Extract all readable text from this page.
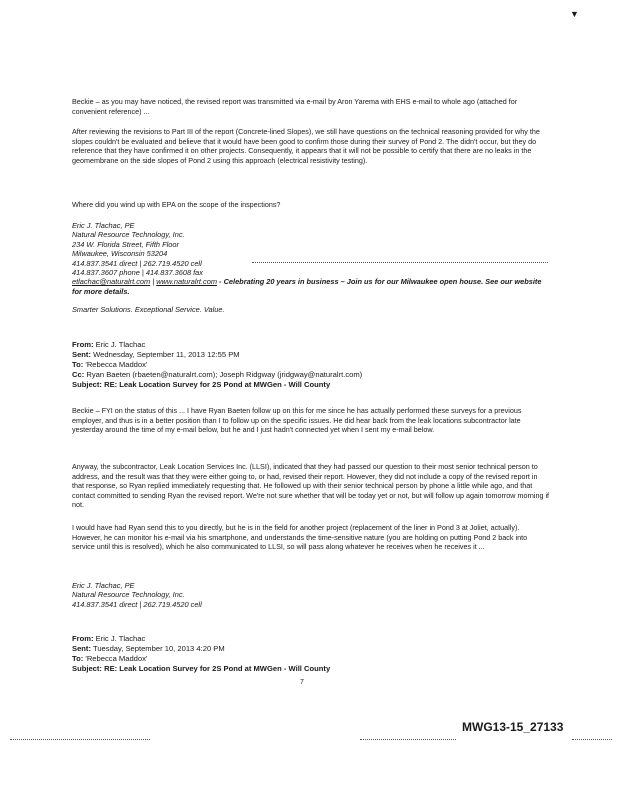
▼

Beckie – as you may have noticed, the revised report was transmitted via e-mail by Aron Yarema with EHS e-mail to whole ago (attached for convenient reference) ...

After reviewing the revisions to Part III of the report (Concrete-lined Slopes), we still have questions on the technical reasoning provided for why the slopes couldn't be evaluated and believe that it would have been good to confirm those during their survey of Pond 2. The didn't occur, but they do reference that they have confirmed it on other projects. Consequently, it appears that it will not be possible to certify that there are no leaks in the geomembrane on the side slopes of Pond 2 using this approach (electrical resistivity testing).

Where did you wind up with EPA on the scope of the inspections?

Eric J. Tlachac, PE
Natural Resource Technology, Inc.
234 W. Florida Street, Fifth Floor
Milwaukee, Wisconsin 53204
414.837.3541 direct | 262.719.4520 cell
414.837.3607 phone | 414.837.3608 fax
etlachac@naturalrt.com | www.naturalrt.com - Celebrating 20 years in business – Join us for our Milwaukee open house. See our website for more details.
Smarter Solutions. Exceptional Service. Value.
From: Eric J. Tlachac
Sent: Wednesday, September 11, 2013 12:55 PM
To: 'Rebecca Maddox'
Cc: Ryan Baeten (rbaeten@naturalrt.com); Joseph Ridgway (jridgway@naturalrt.com)
Subject: RE: Leak Location Survey for 2S Pond at MWGen - Will County

Beckie – FYI on the status of this ... I have Ryan Baeten follow up on this for me since he has actually performed these surveys for a previous employer, and thus is in a better position than I to follow up on the specific issues. He did hear back from the leak locations subcontractor late yesterday around the time of my e-mail below, but he and I just hadn't connected yet when I sent my e-mail below.

Anyway, the subcontractor, Leak Location Services Inc. (LLSI), indicated that they had passed our question to their most senior technical person to address, and the result was that they were either going to, or had, revised their report. However, they did not include a copy of the revised report in that response, so Ryan replied immediately requesting that. He followed up with their senior technical person by phone a little while ago, and that contact committed to sending Ryan the revised report. We're not sure whether that will be today yet or not, but will follow up again tomorrow morning if not.

I would have had Ryan send this to you directly, but he is in the field for another project (replacement of the liner in Pond 3 at Joliet, actually). However, he can monitor his e-mail via his smartphone, and understands the time-sensitive nature (you are holding on putting Pond 2 back into service until this is resolved), which he also communicated to LLSI, so will pass along whatever he receives when he receives it ...

Eric J. Tlachac, PE
Natural Resource Technology, Inc.
414.837.3541 direct | 262.719.4520 cell
From: Eric J. Tlachac
Sent: Tuesday, September 10, 2013 4:20 PM
To: 'Rebecca Maddox'
Subject: RE: Leak Location Survey for 2S Pond at MWGen - Will County
7
MWG13-15_27133
